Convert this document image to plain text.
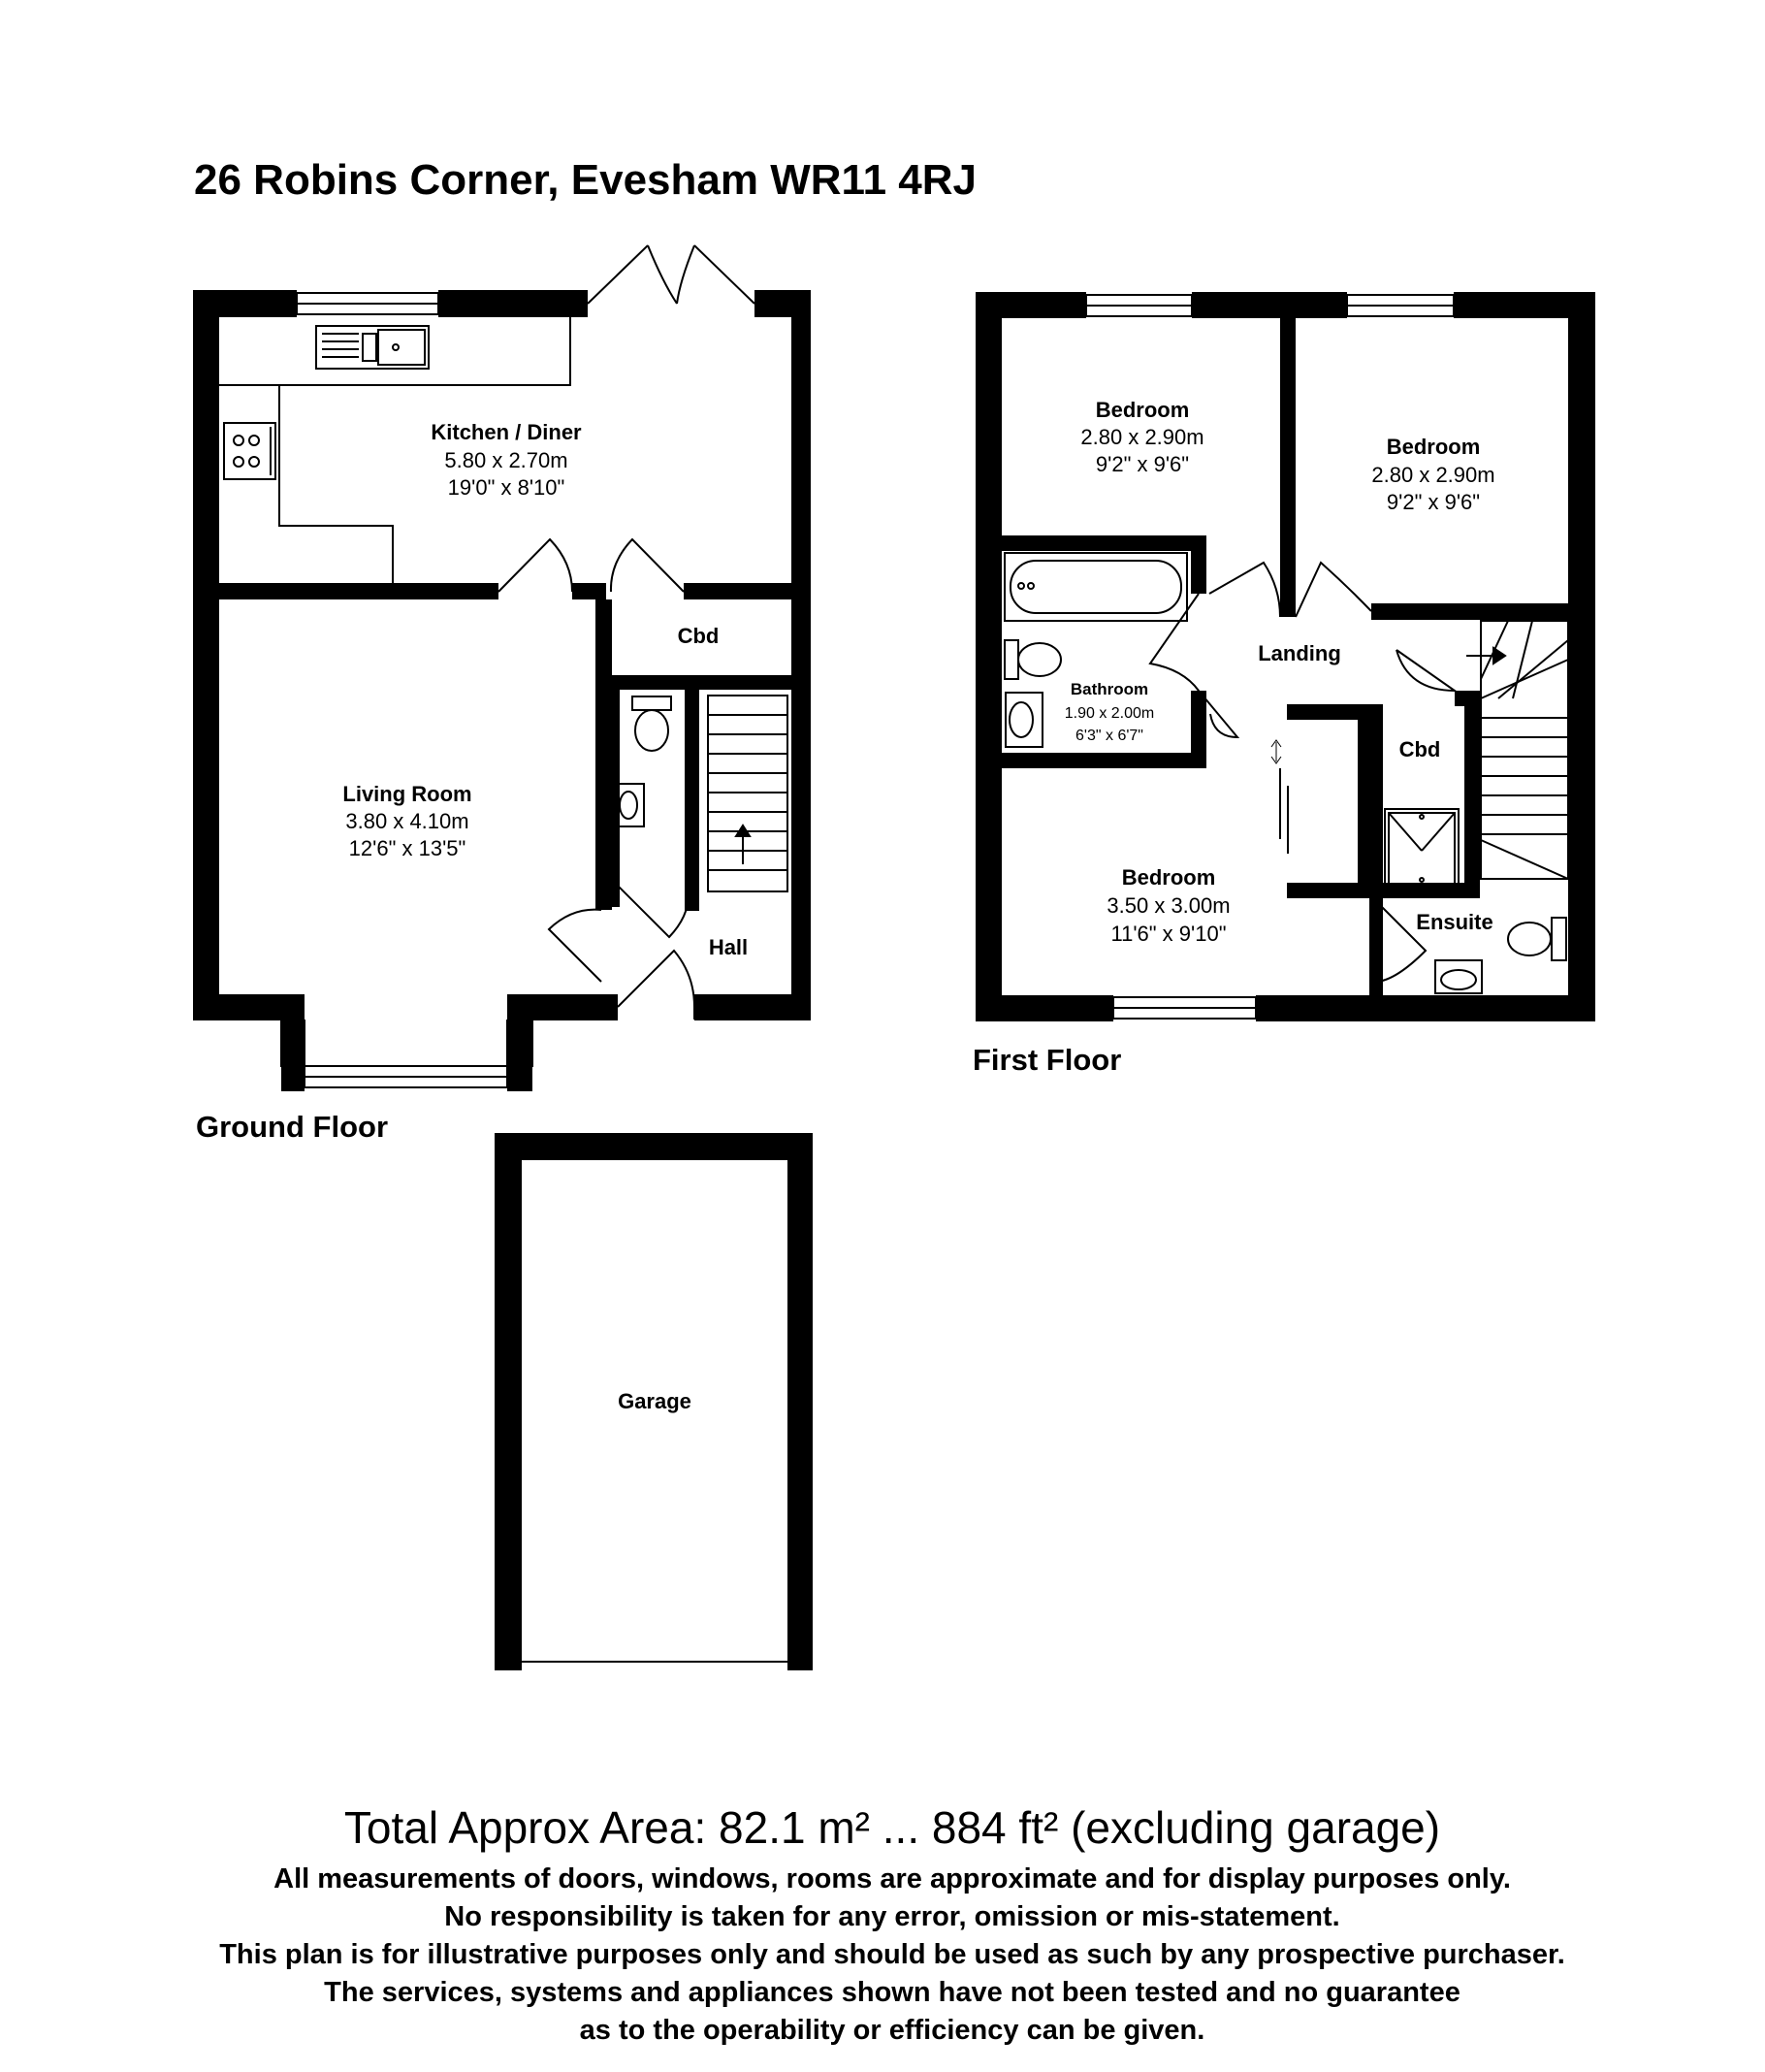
26 Robins Corner, Evesham WR11 4RJ
Kitchen / Diner
5.80 x 2.70m
19'0" x 8'10"
Living Room
3.80 x 4.10m
12'6" x 13'5"
Cbd
Hall
Ground Floor
Garage
Bedroom
2.80 x 2.90m
9'2" x 9'6"
Bedroom
2.80 x 2.90m
9'2" x 9'6"
Landing
Bathroom
1.90 x 2.00m
6'3" x 6'7"
Cbd
Bedroom
3.50 x 3.00m
11'6" x 9'10"	Ensuite
First Floor
Total Approx Area: 82.1 m² ... 884 ft² (excluding garage)
All measurements of doors, windows, rooms are approximate and for display purposes only.
No responsibility is taken for any error, omission or mis-statement.
This plan is for illustrative purposes only and should be used as such by any prospective purchaser.
The services, systems and appliances shown have not been tested and no guarantee
as to the operability or efficiency can be given.
